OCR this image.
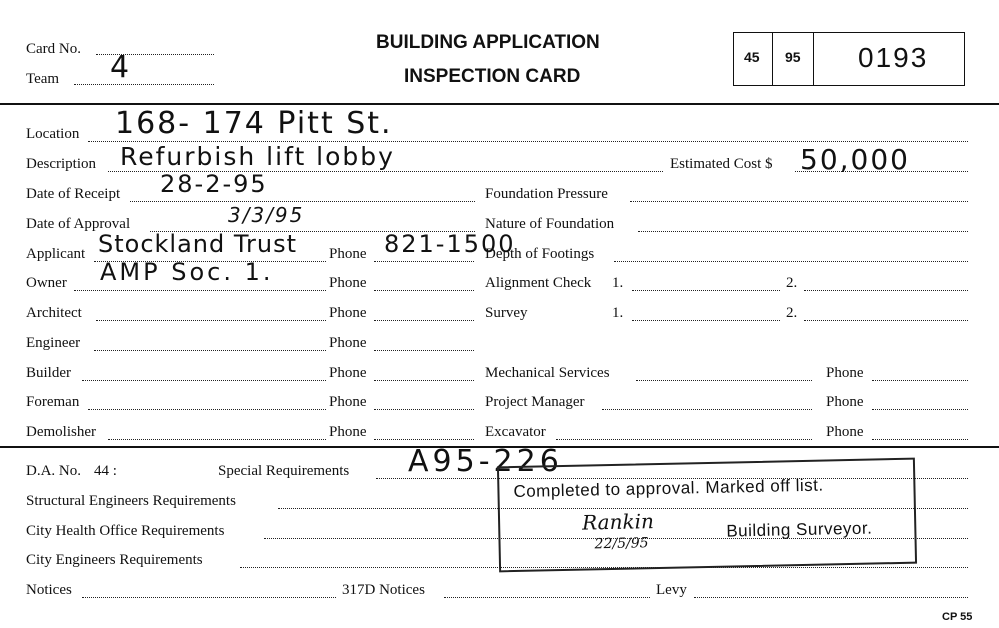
Card No.
Team 4
BUILDING APPLICATION
INSPECTION CARD
45 95 0193
Location 168- 174 Pitt St.
Description Refurbish lift lobby	Estimated Cost $ 50,000
Date of Receipt 28-2-95	Foundation Pressure
Date of Approval	3/3/95	Nature of Foundation
Applicant Stockland Trust Phone 821-1500
Depth of Footings
Owner AMP Soc. 1.	Phone	Alignment Check 1.	2.
Architect	Phone	Survey	1.	2.
Engineer	Phone
Builder	Phone	Mechanical Services	Phone
Foreman	Phone	Project Manager	Phone
Demolisher	Phone	Excavator	Phone
D.A. No. 44 :	Special Requirements A95-226
Structural Engineers Requirements
City Health Office Requirements
City Engineers Requirements
Notices	317D Notices	Levy
CP 55
Completed to approval. Marked off list.
Rankin
22/5/95
Building Surveyor.
